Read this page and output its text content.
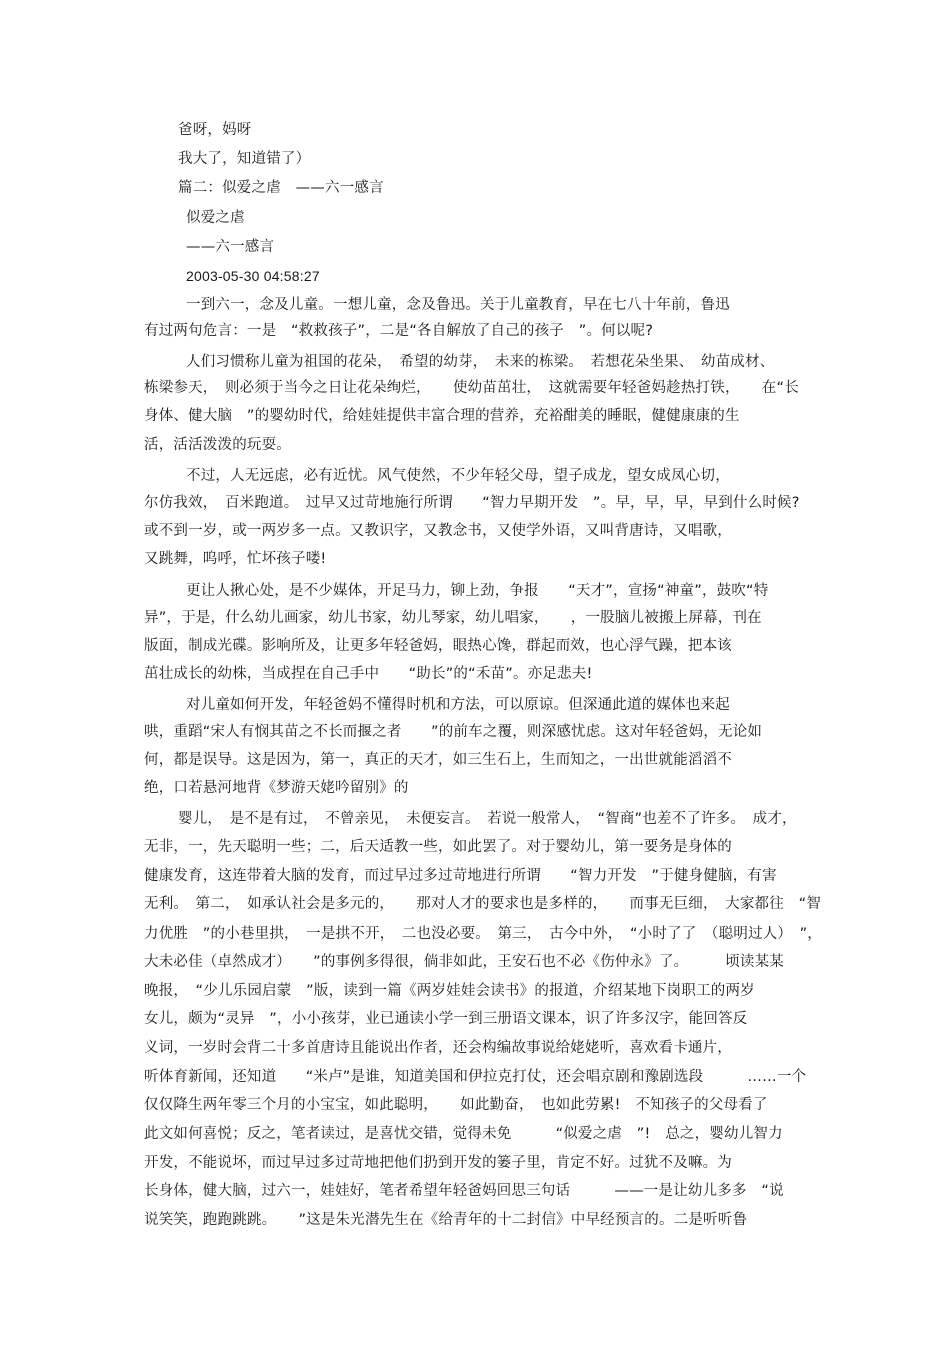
爸呀，妈呀
我大了，知道错了）
篇二：似爱之虐　——六一感言
似爱之虐
——六一感言
2003-05-30 04:58:27
一到六一，念及儿童。一想儿童，念及鲁迅。关于儿童教育，早在七八十年前，鲁迅
有过两句危言：一是　“救救孩子”，二是“各自解放了自己的孩子　”。何以呢?
人们习惯称儿童为祖国的花朵，　希望的幼芽，　未来的栋梁。　若想花朵坐果、　幼苗成材、
栋梁参天，　则必须于当今之日让花朵绚烂，　　使幼苗茁壮，　这就需要年轻爸妈趁热打铁，　　在“长
身体、健大脑　”的婴幼时代，给娃娃提供丰富合理的营养，充裕酣美的睡眠，健健康康的生
活，活活泼泼的玩耍。
不过，人无远虑，必有近忧。风气使然，不少年轻父母，望子成龙，望女成凤心切，
尔仿我效，　百米跑道。　过早又过苛地施行所谓　　“智力早期开发　”。早，早，早，早到什么时候?
或不到一岁，或一两岁多一点。又教识字，又教念书，又使学外语，又叫背唐诗，又唱歌，
又跳舞，呜呼，忙坏孩子喽!
更让人揪心处，是不少媒体，开足马力，铆上劲，争报　　“天才”，宣扬“神童”，鼓吹“特
异”，于是，什么幼儿画家，幼儿书家，幼儿琴家，幼儿唱家，　　，一股脑儿被搬上屏幕，刊在
版面，制成光碟。影响所及，让更多年轻爸妈，眼热心馋，群起而效，也心浮气躁，把本该
茁壮成长的幼株，当成捏在自己手中　　“助长”的“禾苗”。亦足悲夫!
对儿童如何开发，年轻爸妈不懂得时机和方法，可以原谅。但深通此道的媒体也来起
哄，重蹈“宋人有悯其苗之不长而揠之者　　”的前车之覆，则深感忧虑。这对年轻爸妈，无论如
何，都是误导。这是因为，第一，真正的天才，如三生石上，生而知之，一出世就能滔滔不
绝，口若悬河地背《梦游天姥吟留别》的
婴儿，　是不是有过，　不曾亲见，　未便妄言。　若说一般常人，　“智商”也差不了许多。　成才，
无非，一，先天聪明一些；二，后天适教一些，如此罢了。对于婴幼儿，第一要务是身体的
健康发育，这连带着大脑的发育，而过早过多过苛地进行所谓　　“智力开发　”于健身健脑，有害
无利。　第二，　如承认社会是多元的，　　那对人才的要求也是多样的，　　而事无巨细，　大家都往　“智
力优胜　”的小巷里拱，　一是拱不开，　二也没必要。　第三，　古今中外，　“小时了了　（聪明过人）　”，
大未必佳（卓然成才）　　”的事例多得很，倘非如此，王安石也不必《伤仲永》了。　　　顷读某某
晚报，　“少儿乐园启蒙　”版，读到一篇《两岁娃娃会读书》的报道，介绍某地下岗职工的两岁
女儿，颇为“灵异　”，小小孩芽，业已通读小学一到三册语文课本，识了许多汉字，能回答反
义词，一岁时会背二十多首唐诗且能说出作者，还会构编故事说给姥姥听，喜欢看卡通片，
听体育新闻，还知道　　“米卢”是谁，知道美国和伊拉克打仗，还会唱京剧和豫剧选段　　　……一个
仅仅降生两年零三个月的小宝宝，如此聪明，　　如此勤奋，　也如此劳累!　不知孩子的父母看了
此文如何喜悦；反之，笔者读过，是喜忧交错，觉得未免　　　“似爱之虐　”!　总之，婴幼儿智力
开发，不能说坏，而过早过多过苛地把他们扔到开发的篓子里，肯定不好。过犹不及嘛。为
长身体，健大脑，过六一，娃娃好，笔者希望年轻爸妈回思三句话　　　——一是让幼儿多多　“说
说笑笑，跑跑跳跳。　　”这是朱光潜先生在《给青年的十二封信》中早经预言的。二是听听鲁
